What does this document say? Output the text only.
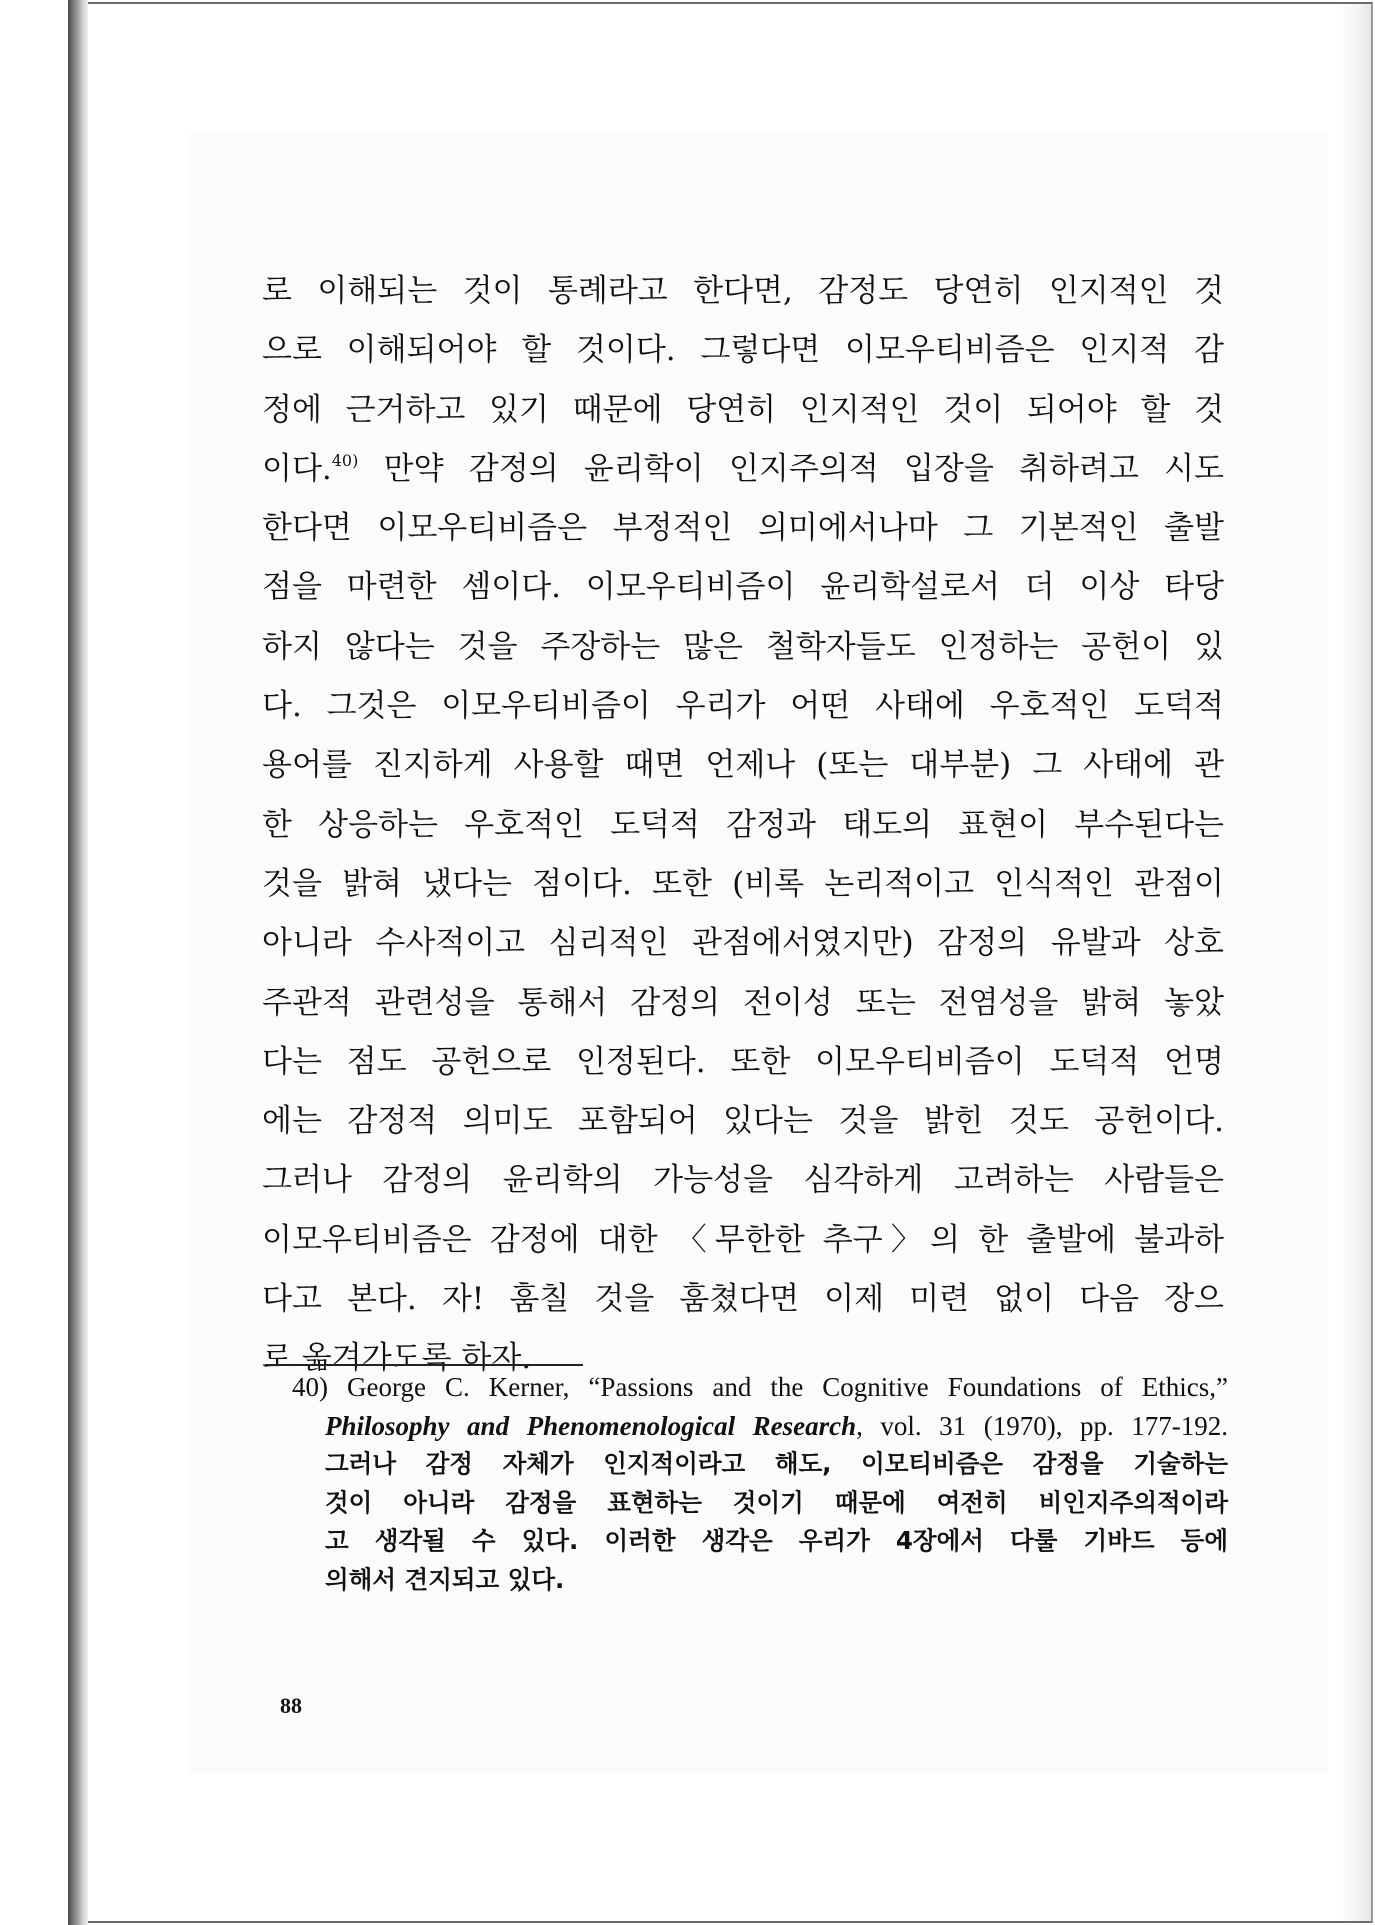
로 이해되는 것이 통례라고 한다면, 감정도 당연히 인지적인 것
으로 이해되어야 할 것이다. 그렇다면 이모우티비즘은 인지적 감
정에 근거하고 있기 때문에 당연히 인지적인 것이 되어야 할 것
이다.$^{40)}$ 만약 감정의 윤리학이 인지주의적 입장을 취하려고 시도
한다면 이모우티비즘은 부정적인 의미에서나마 그 기본적인 출발
점을 마련한 셈이다. 이모우티비즘이 윤리학설로서 더 이상 타당
하지 않다는 것을 주장하는 많은 철학자들도 인정하는 공헌이 있
다. 그것은 이모우티비즘이 우리가 어떤 사태에 우호적인 도덕적
용어를 진지하게 사용할 때면 언제나 (또는 대부분) 그 사태에 관
한 상응하는 우호적인 도덕적 감정과 태도의 표현이 부수된다는
것을 밝혀 냈다는 점이다. 또한 (비록 논리적이고 인식적인 관점이
아니라 수사적이고 심리적인 관점에서였지만) 감정의 유발과 상호
주관적 관련성을 통해서 감정의 전이성 또는 전염성을 밝혀 놓았
다는 점도 공헌으로 인정된다. 또한 이모우티비즘이 도덕적 언명
에는 감정적 의미도 포함되어 있다는 것을 밝힌 것도 공헌이다.
그러나 감정의 윤리학의 가능성을 심각하게 고려하는 사람들은
이모우티비즘은 감정에 대한 〈무한한 추구〉의 한 출발에 불과하
다고 본다. 자! 훔칠 것을 훔쳤다면 이제 미련 없이 다음 장으
로 옮겨가도록 하자.
40) George C. Kerner, “Passions and the Cognitive Foundations of Ethics,”
Philosophy and Phenomenological Research, vol. 31 (1970), pp. 177-192.
그러나 감정 자체가 인지적이라고 해도, 이모티비즘은 감정을 기술하는
것이 아니라 감정을 표현하는 것이기 때문에 여전히 비인지주의적이라
고 생각될 수 있다. 이러한 생각은 우리가 4장에서 다룰 기바드 등에
의해서 견지되고 있다.
88
